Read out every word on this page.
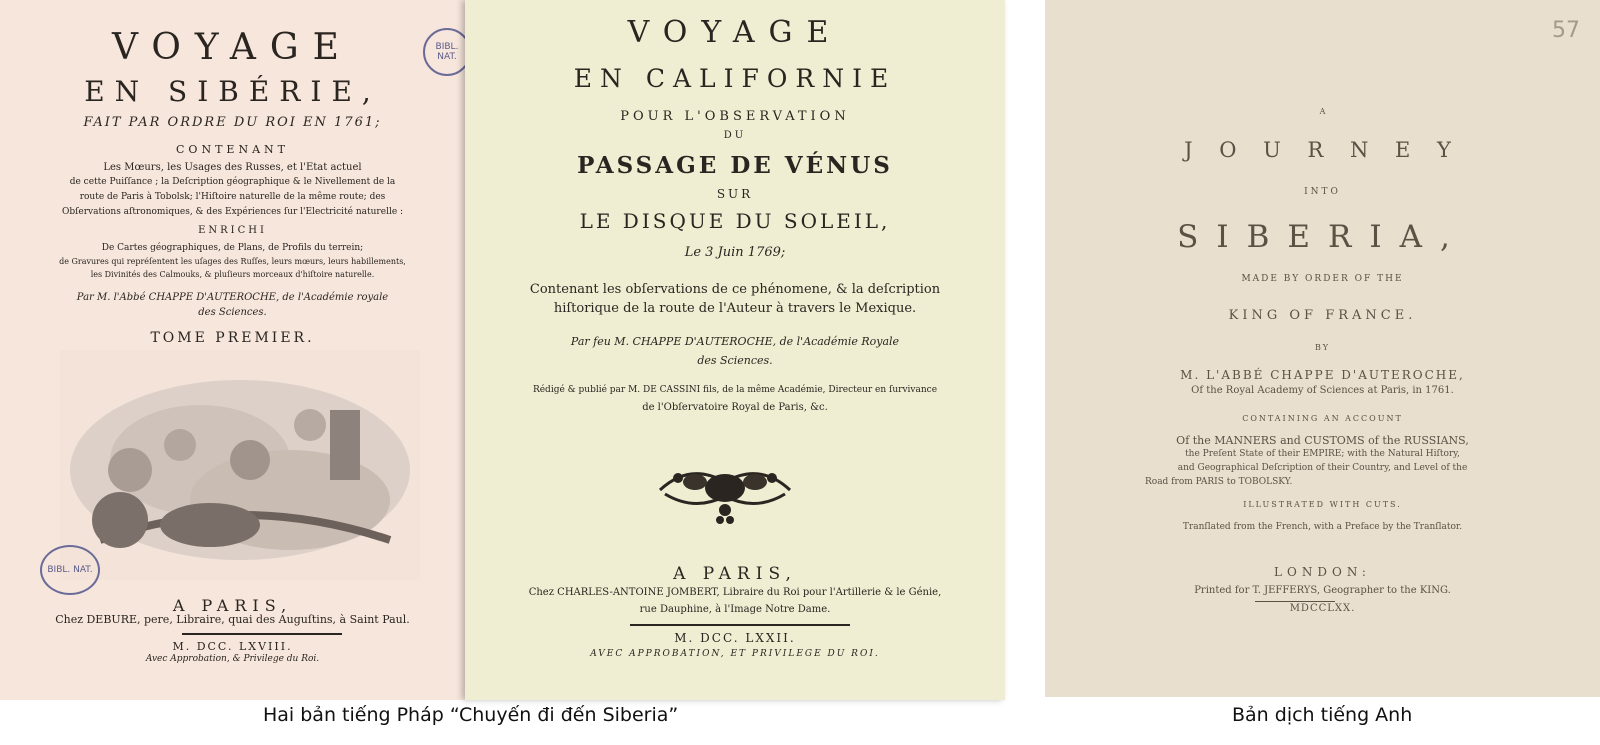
VOYAGE
EN SIBÉRIE,
FAIT PAR ORDRE DU ROI EN 1761;
CONTENANT
Les Mœurs, les Usages des Russes, et l'Etat actuel
de cette Puiſſance ; la Deſcription géographique & le Nivellement de la
route de Paris à Tobolsk; l'Hiſtoire naturelle de la même route; des
Obſervations aſtronomiques, & des Expériences ſur l'Electricité naturelle :
ENRICHI
De Cartes géographiques, de Plans, de Profils du terrein;
de Gravures qui repréſentent les uſages des Ruſſes, leurs mœurs, leurs habillements,
les Divinités des Calmouks, & pluſieurs morceaux d'hiſtoire naturelle.
Par M. l'Abbé CHAPPE D'AUTEROCHE, de l'Académie royale
des Sciences.
TOME PREMIER.
A PARIS,
Chez DEBURE, pere, Libraire, quai des Auguſtins, à Saint Paul.
M. DCC. LXVIII.
Avec Approbation, & Privilege du Roi.
BIBL. NAT.
BIBL. NAT.
VOYAGE
EN CALIFORNIE
POUR L'OBSERVATION
DU
PASSAGE DE VÉNUS
SUR
LE DISQUE DU SOLEIL,
Le 3 Juin 1769;
Contenant les obſervations de ce phénomene, & la deſcription
hiſtorique de la route de l'Auteur à travers le Mexique.
Par feu M. CHAPPE D'AUTEROCHE, de l'Académie Royale
des Sciences.
Rédigé & publié par M. DE CASSINI fils, de la même Académie, Directeur en ſurvivance
de l'Obſervatoire Royal de Paris, &c.
A PARIS,
Chez CHARLES-ANTOINE JOMBERT, Libraire du Roi pour l'Artillerie & le Génie,
rue Dauphine, à l'Image Notre Dame.
M. DCC. LXXII.
AVEC APPROBATION, ET PRIVILEGE DU ROI.
57
A
J O U R N E Y
INTO
SIBERIA,
MADE BY ORDER OF THE
KING OF FRANCE.
BY
M. L'ABBÉ CHAPPE D'AUTEROCHE,
Of the Royal Academy of Sciences at Paris, in 1761.
CONTAINING AN ACCOUNT
Of the MANNERS and CUSTOMS of the RUSSIANS,
the Preſent State of their EMPIRE; with the Natural Hiſtory,
and Geographical Deſcription of their Country, and Level of the
Road from PARIS to TOBOLSKY.
ILLUSTRATED WITH CUTS.
Tranſlated from the French, with a Preface by the Tranſlator.
LONDON:
Printed for T. JEFFERYS, Geographer to the KING.
MDCCLXX.
Hai bản tiếng Pháp “Chuyến đi đến Siberia”	Bản dịch tiếng Anh
